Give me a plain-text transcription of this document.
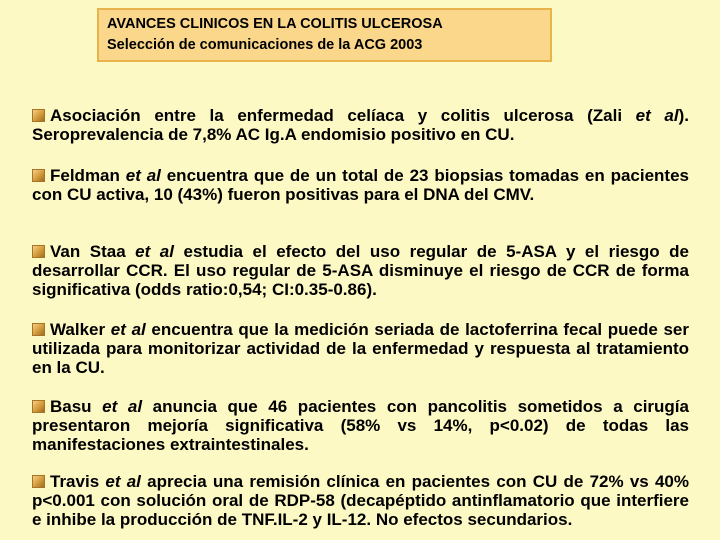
AVANCES CLINICOS EN LA COLITIS ULCEROSA
Selección de comunicaciones de la ACG 2003
Asociación entre la enfermedad celíaca y colitis ulcerosa (Zali et al). Seroprevalencia de 7,8% AC Ig.A endomisio positivo en CU.
Feldman et al encuentra que de un total de 23 biopsias tomadas en pacientes con CU activa, 10 (43%) fueron positivas para el DNA del CMV.
Van Staa et al estudia el efecto del uso regular de 5-ASA y el riesgo de desarrollar CCR. El uso regular de 5-ASA disminuye el riesgo de CCR de forma significativa (odds ratio:0,54; CI:0.35-0.86).
Walker et al encuentra que la medición seriada de lactoferrina fecal puede ser utilizada para monitorizar actividad de la enfermedad y respuesta al tratamiento en la CU.
Basu et al anuncia que 46 pacientes con pancolitis sometidos a cirugía presentaron mejoría significativa (58% vs 14%, p<0.02) de todas las manifestaciones extraintestinales.
Travis et al aprecia una remisión clínica en pacientes con CU de 72% vs 40% p<0.001 con solución oral de RDP-58 (decapéptido antinflamatorio que interfiere e inhibe la producción de TNF.IL-2 y IL-12. No efectos secundarios.
